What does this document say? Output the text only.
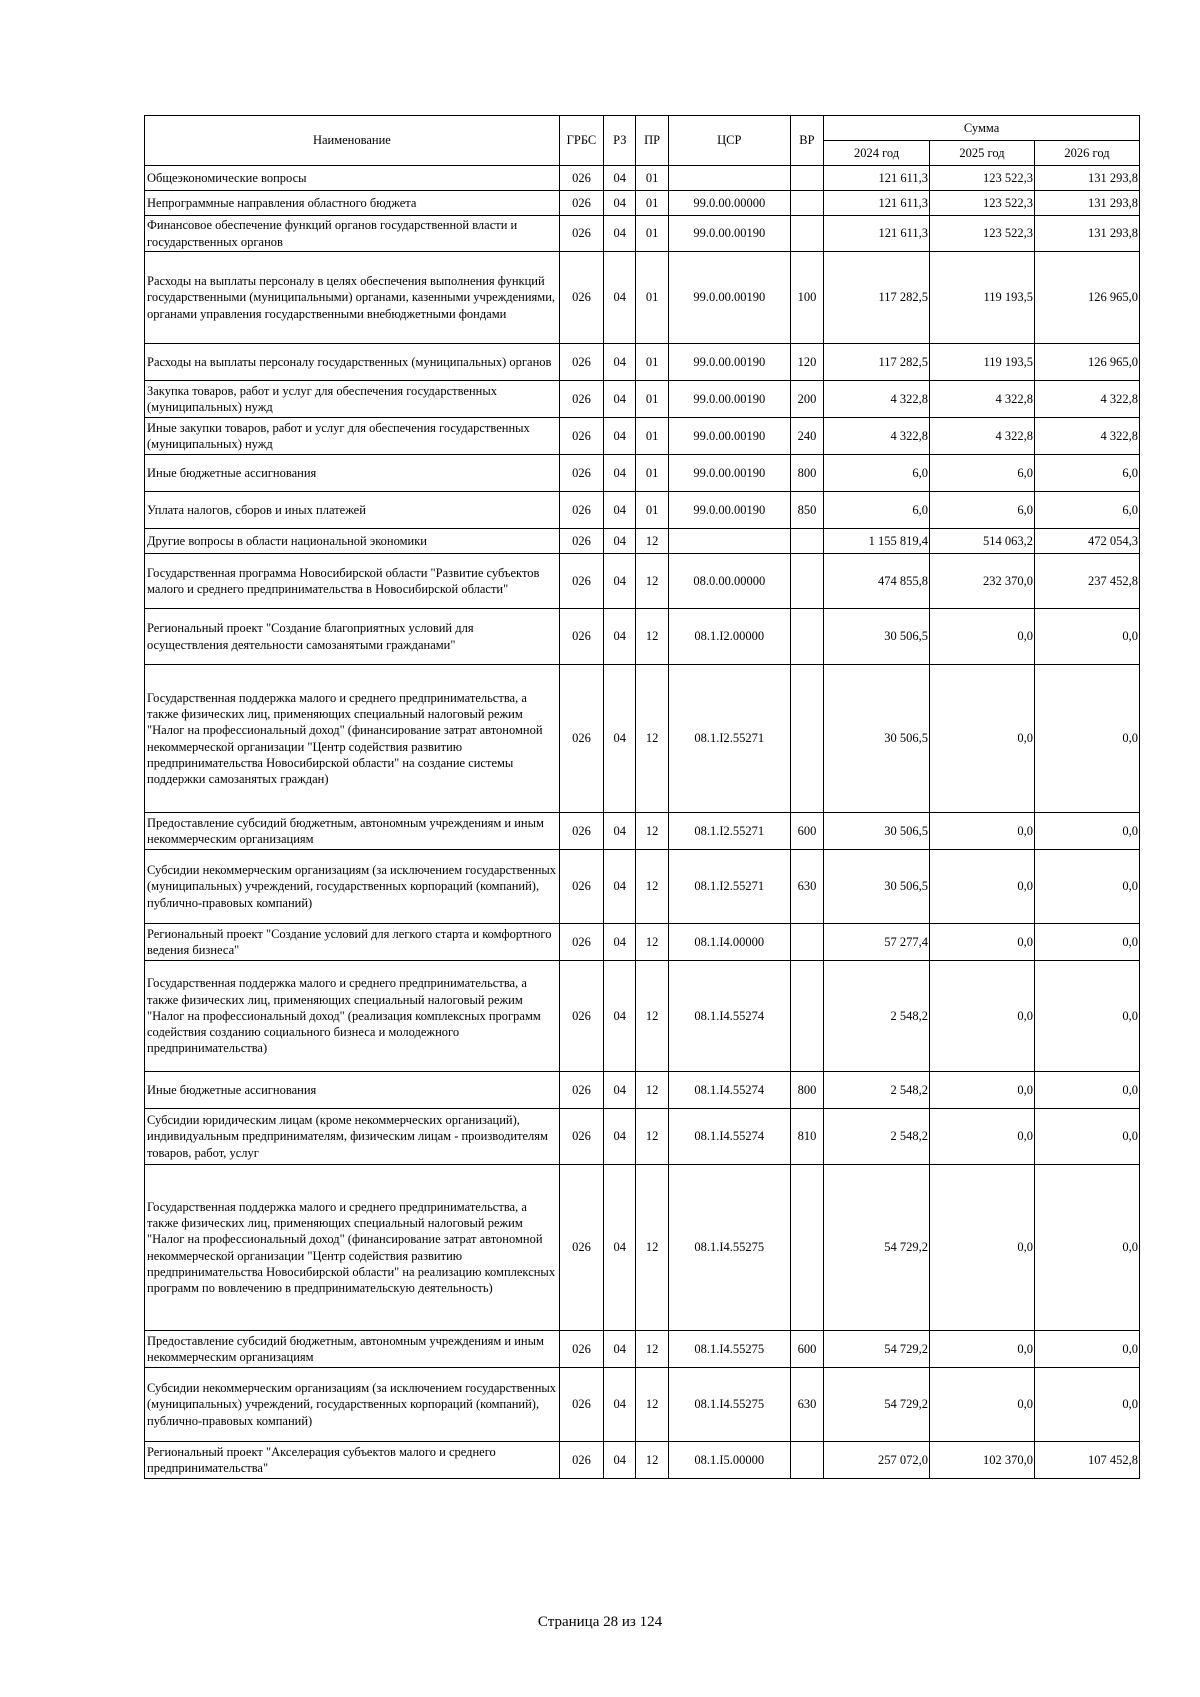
Наименование	ГРБС	РЗ	ПР	ЦСР	ВР	Сумма		
						2024 год	2025 год	2026 год
Общеэкономические вопросы	026	04	01			121 611,3	123 522,3	131 293,8
Непрограммные направления областного бюджета	026	04	01	99.0.00.00000		121 611,3	123 522,3	131 293,8
Финансовое обеспечение функций органов государственной власти и государственных органов	026	04	01	99.0.00.00190		121 611,3	123 522,3	131 293,8
Расходы на выплаты персоналу в целях обеспечения выполнения функций государственными (муниципальными) органами, казенными учреждениями, органами управления государственными внебюджетными фондами	026	04	01	99.0.00.00190	100	117 282,5	119 193,5	126 965,0
Расходы на выплаты персоналу государственных (муниципальных) органов	026	04	01	99.0.00.00190	120	117 282,5	119 193,5	126 965,0
Закупка товаров, работ и услуг для обеспечения государственных (муниципальных) нужд	026	04	01	99.0.00.00190	200	4 322,8	4 322,8	4 322,8
Иные закупки товаров, работ и услуг для обеспечения государственных (муниципальных) нужд	026	04	01	99.0.00.00190	240	4 322,8	4 322,8	4 322,8
Иные бюджетные ассигнования	026	04	01	99.0.00.00190	800	6,0	6,0	6,0
Уплата налогов, сборов и иных платежей	026	04	01	99.0.00.00190	850	6,0	6,0	6,0
Другие вопросы в области национальной экономики	026	04	12			1 155 819,4	514 063,2	472 054,3
Государственная программа Новосибирской области "Развитие субъектов малого и среднего предпринимательства в Новосибирской области"	026	04	12	08.0.00.00000		474 855,8	232 370,0	237 452,8
Региональный проект "Создание благоприятных условий для осуществления деятельности самозанятыми гражданами"	026	04	12	08.1.I2.00000		30 506,5	0,0	0,0
Государственная поддержка малого и среднего предпринимательства, а также физических лиц, применяющих специальный налоговый режим "Налог на профессиональный доход" (финансирование затрат автономной некоммерческой организации "Центр содействия развитию предпринимательства Новосибирской области" на создание системы поддержки самозанятых граждан)	026	04	12	08.1.I2.55271		30 506,5	0,0	0,0
Предоставление субсидий бюджетным, автономным учреждениям и иным некоммерческим организациям	026	04	12	08.1.I2.55271	600	30 506,5	0,0	0,0
Субсидии некоммерческим организациям (за исключением государственных (муниципальных) учреждений, государственных корпораций (компаний), публично-правовых компаний)	026	04	12	08.1.I2.55271	630	30 506,5	0,0	0,0
Региональный проект "Создание условий для легкого старта и комфортного ведения бизнеса"	026	04	12	08.1.I4.00000		57 277,4	0,0	0,0
Государственная поддержка малого и среднего предпринимательства, а также физических лиц, применяющих специальный налоговый режим "Налог на профессиональный доход" (реализация комплексных программ содействия созданию социального бизнеса и молодежного предпринимательства)	026	04	12	08.1.I4.55274		2 548,2	0,0	0,0
Иные бюджетные ассигнования	026	04	12	08.1.I4.55274	800	2 548,2	0,0	0,0
Субсидии юридическим лицам (кроме некоммерческих организаций), индивидуальным предпринимателям, физическим лицам - производителям товаров, работ, услуг	026	04	12	08.1.I4.55274	810	2 548,2	0,0	0,0
Государственная поддержка малого и среднего предпринимательства, а также физических лиц, применяющих специальный налоговый режим "Налог на профессиональный доход" (финансирование затрат автономной некоммерческой организации "Центр содействия развитию предпринимательства Новосибирской области" на реализацию комплексных программ по вовлечению в предпринимательскую деятельность)	026	04	12	08.1.I4.55275		54 729,2	0,0	0,0
Предоставление субсидий бюджетным, автономным учреждениям и иным некоммерческим организациям	026	04	12	08.1.I4.55275	600	54 729,2	0,0	0,0
Субсидии некоммерческим организациям (за исключением государственных (муниципальных) учреждений, государственных корпораций (компаний), публично-правовых компаний)	026	04	12	08.1.I4.55275	630	54 729,2	0,0	0,0
Региональный проект "Акселерация субъектов малого и среднего предпринимательства"	026	04	12	08.1.I5.00000		257 072,0	102 370,0	107 452,8
Страница 28 из 124
